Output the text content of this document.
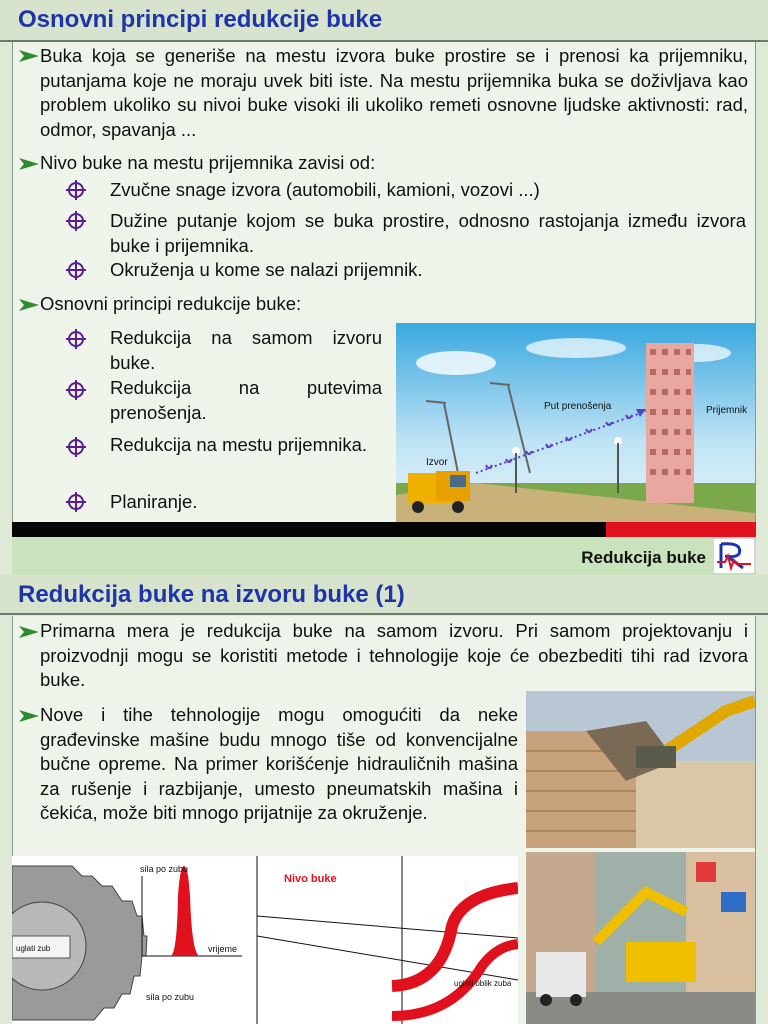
Osnovni principi redukcije buke
Buka koja se generiše na mestu izvora buke prostire se i prenosi ka prijemniku, putanjama koje ne moraju uvek biti iste. Na mestu prijemnika buka se doživljava kao problem ukoliko su nivoi buke visoki ili ukoliko remeti osnovne ljudske aktivnosti: rad, odmor, spavanja ...
Nivo buke na mestu prijemnika zavisi od:
Zvučne snage izvora (automobili, kamioni, vozovi ...)
Dužine putanje kojom se buka prostire, odnosno rastojanja između izvora buke i prijemnika.
Okruženja u kome se nalazi prijemnik.
Osnovni principi redukcije buke:
Redukcija na samom izvoru buke.
Redukcija na putevima prenošenja.
Redukcija na mestu prijemnika.
Planiranje.
Izvor
Put prenošenja	Prijemnik
Redukcija buke
Redukcija buke na izvoru buke (1)
Primarna mera je redukcija buke na samom izvoru. Pri samom projektovanju i proizvodnji mogu se koristiti metode i tehnologije koje će obezbediti tihi rad izvora buke.
Nove i tihe tehnologije mogu omogućiti da neke građevinske mašine budu mnogo tiše od konvencijalne bučne opreme. Na primer korišćenje hidrauličnih mašina za rušenje i razbijanje, umesto pneumatskih mašina i čekića, može biti mnogo prijatnije za okruženje.
uglati zub
sila po zubu
vrijeme
sila po zubu
Nivo buke
uglati oblik zuba
